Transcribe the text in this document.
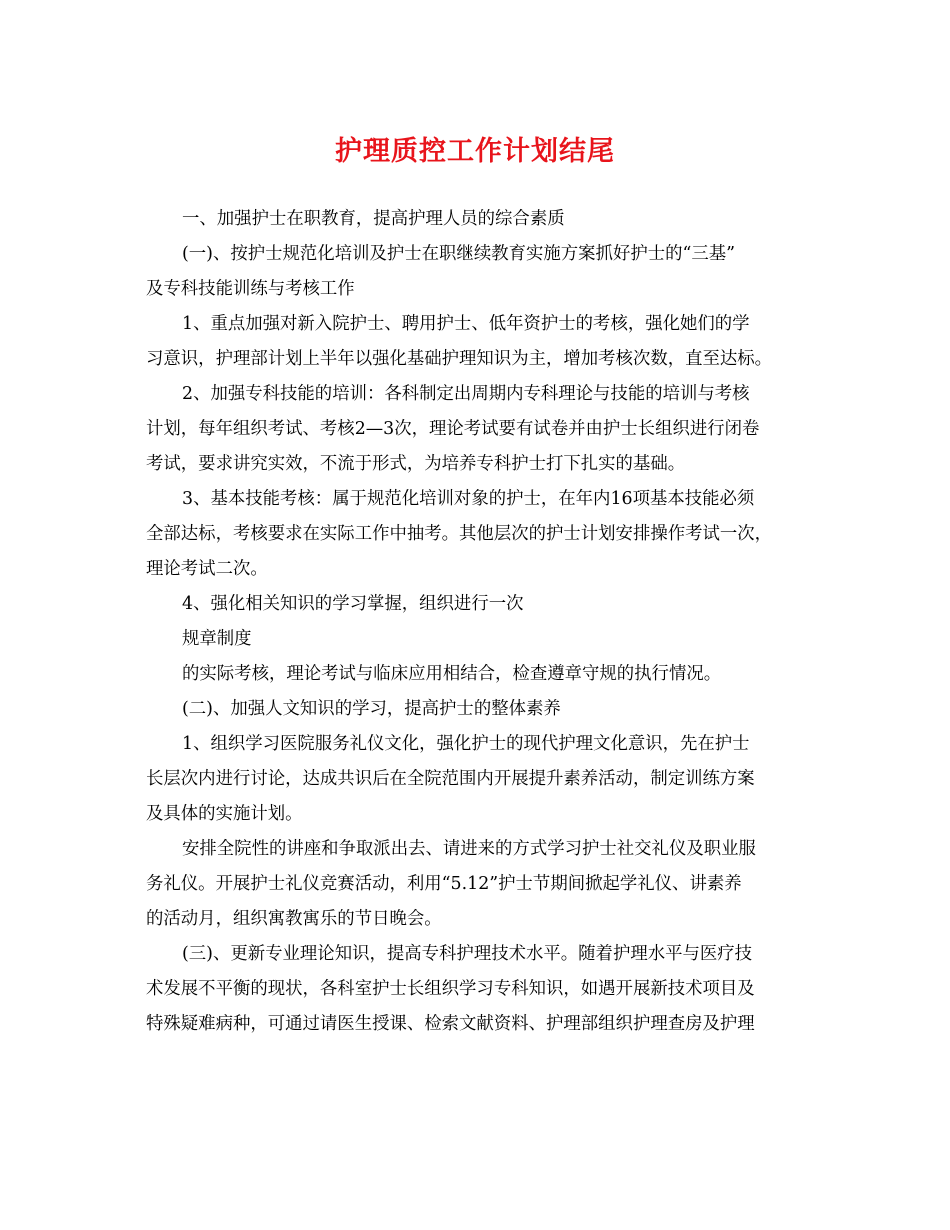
护理质控工作计划结尾
一、加强护士在职教育，提高护理人员的综合素质
(一)、按护士规范化培训及护士在职继续教育实施方案抓好护士的“三基”
及专科技能训练与考核工作
1、重点加强对新入院护士、聘用护士、低年资护士的考核，强化她们的学
习意识，护理部计划上半年以强化基础护理知识为主，增加考核次数，直至达标。
2、加强专科技能的培训：各科制定出周期内专科理论与技能的培训与考核
计划，每年组织考试、考核2—3次，理论考试要有试卷并由护士长组织进行闭卷
考试，要求讲究实效，不流于形式，为培养专科护士打下扎实的基础。
3、基本技能考核：属于规范化培训对象的护士，在年内16项基本技能必须
全部达标，考核要求在实际工作中抽考。其他层次的护士计划安排操作考试一次，
理论考试二次。
4、强化相关知识的学习掌握，组织进行一次
规章制度
的实际考核，理论考试与临床应用相结合，检查遵章守规的执行情况。
(二)、加强人文知识的学习，提高护士的整体素养
1、组织学习医院服务礼仪文化，强化护士的现代护理文化意识，先在护士
长层次内进行讨论，达成共识后在全院范围内开展提升素养活动，制定训练方案
及具体的实施计划。
安排全院性的讲座和争取派出去、请进来的方式学习护士社交礼仪及职业服
务礼仪。开展护士礼仪竞赛活动，利用“5.12”护士节期间掀起学礼仪、讲素养
的活动月，组织寓教寓乐的节日晚会。
(三)、更新专业理论知识，提高专科护理技术水平。随着护理水平与医疗技
术发展不平衡的现状，各科室护士长组织学习专科知识，如遇开展新技术项目及
特殊疑难病种，可通过请医生授课、检索文献资料、护理部组织护理查房及护理
